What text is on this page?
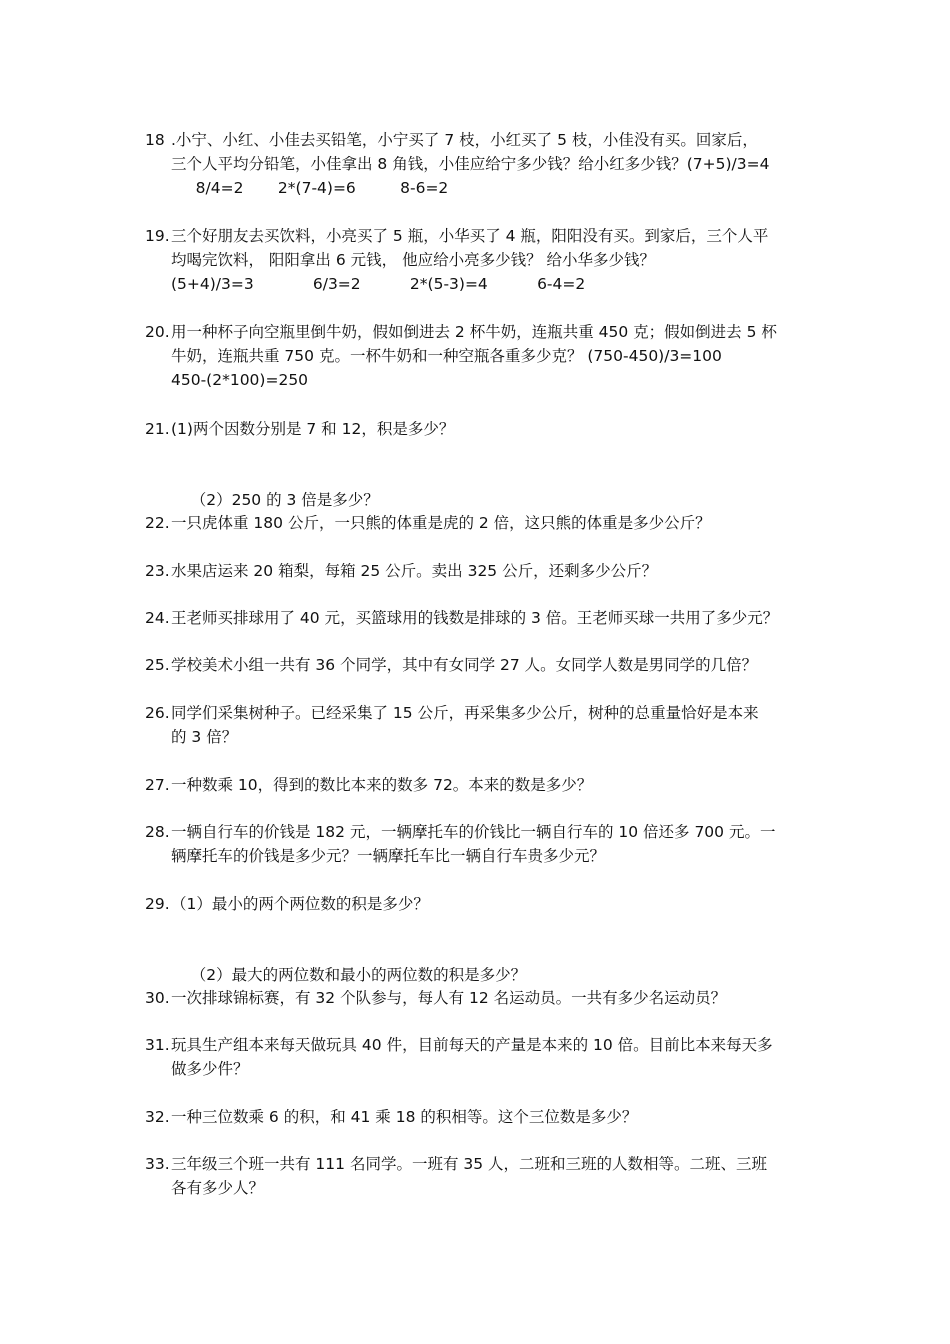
18 .小宁、小红、小佳去买铅笔，小宁买了 7 枝，小红买了 5 枝，小佳没有买。回家后，
三个人平均分铅笔，小佳拿出 8 角钱，小佳应给宁多少钱？给小红多少钱？(7+5)/3=4
8/4=2       2*(7-4)=6         8-6=2
19.三个好朋友去买饮料，小亮买了 5 瓶，小华买了 4 瓶，阳阳没有买。到家后，三个人平
均喝完饮料， 阳阳拿出 6 元钱， 他应给小亮多少钱？ 给小华多少钱？
(5+4)/3=3            6/3=2          2*(5-3)=4          6-4=2
20.用一种杯子向空瓶里倒牛奶，假如倒进去 2 杯牛奶，连瓶共重 450 克；假如倒进去 5 杯
牛奶，连瓶共重 750 克。一杯牛奶和一种空瓶各重多少克？ (750-450)/3=100
450-(2*100)=250
21.(1)两个因数分别是 7 和 12，积是多少？

（2）250 的 3 倍是多少？

22.一只虎体重 180 公斤，一只熊的体重是虎的 2 倍，这只熊的体重是多少公斤？
23.水果店运来 20 箱梨，每箱 25 公斤。卖出 325 公斤，还剩多少公斤？
24.王老师买排球用了 40 元，买篮球用的钱数是排球的 3 倍。王老师买球一共用了多少元？
25.学校美术小组一共有 36 个同学，其中有女同学 27 人。女同学人数是男同学的几倍？
26.同学们采集树种子。已经采集了 15 公斤，再采集多少公斤，树种的总重量恰好是本来
的 3 倍？
27.一种数乘 10，得到的数比本来的数多 72。本来的数是多少？
28.一辆自行车的价钱是 182 元，一辆摩托车的价钱比一辆自行车的 10 倍还多 700 元。一
辆摩托车的价钱是多少元？一辆摩托车比一辆自行车贵多少元？
29.（1）最小的两个两位数的积是多少？

（2）最大的两位数和最小的两位数的积是多少？

30.一次排球锦标赛，有 32 个队参与，每人有 12 名运动员。一共有多少名运动员？
31.玩具生产组本来每天做玩具 40 件，目前每天的产量是本来的 10 倍。目前比本来每天多
做多少件？
32.一种三位数乘 6 的积，和 41 乘 18 的积相等。这个三位数是多少？
33.三年级三个班一共有 111 名同学。一班有 35 人，二班和三班的人数相等。二班、三班
各有多少人？
